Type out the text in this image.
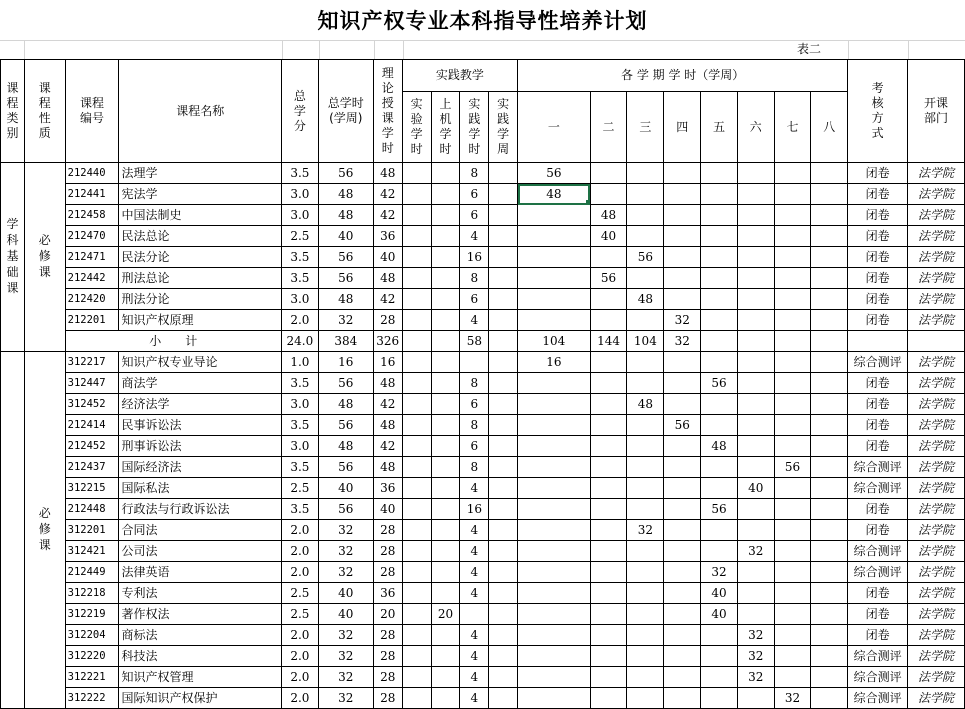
知识产权专业本科指导性培养计划
表二
课程类别	课程性质	课程编号	课程名称	总学分	总学时(学周)	理论授课学时	实践教学				各 学 期 学 时（学周）								考核方式	开课部门
							实验学时	上机学时	实践学时	实践学周	一	二	三	四	五	六	七	八		
学科基础课	必修课	212440	法理学	3.5	56	48			8		56								闭卷	法学院
		212441	宪法学	3.0	48	42			6		48								闭卷	法学院
		212458	中国法制史	3.0	48	42			6			48							闭卷	法学院
		212470	民法总论	2.5	40	36			4			40							闭卷	法学院
		212471	民法分论	3.5	56	40			16				56						闭卷	法学院
		212442	刑法总论	3.5	56	48			8			56							闭卷	法学院
		212420	刑法分论	3.0	48	42			6				48						闭卷	法学院
		212201	知识产权原理	2.0	32	28			4					32					闭卷	法学院
		小　　计		24.0	384	326			58		104	144	104	32						
	必修课	312217	知识产权专业导论	1.0	16	16					16								综合测评	法学院
		312447	商法学	3.5	56	48			8						56				闭卷	法学院
		312452	经济法学	3.0	48	42			6				48						闭卷	法学院
		212414	民事诉讼法	3.5	56	48			8					56					闭卷	法学院
		212452	刑事诉讼法	3.0	48	42			6						48				闭卷	法学院
		212437	国际经济法	3.5	56	48			8								56		综合测评	法学院
		312215	国际私法	2.5	40	36			4							40			综合测评	法学院
		212448	行政法与行政诉讼法	3.5	56	40			16						56				闭卷	法学院
		312201	合同法	2.0	32	28			4				32						闭卷	法学院
		312421	公司法	2.0	32	28			4							32			综合测评	法学院
		212449	法律英语	2.0	32	28			4						32				综合测评	法学院
		312218	专利法	2.5	40	36			4						40				闭卷	法学院
		312219	著作权法	2.5	40	20		20							40				闭卷	法学院
		312204	商标法	2.0	32	28			4							32			闭卷	法学院
		312220	科技法	2.0	32	28			4							32			综合测评	法学院
		312221	知识产权管理	2.0	32	28			4							32			综合测评	法学院
		312222	国际知识产权保护	2.0	32	28			4								32		综合测评	法学院
